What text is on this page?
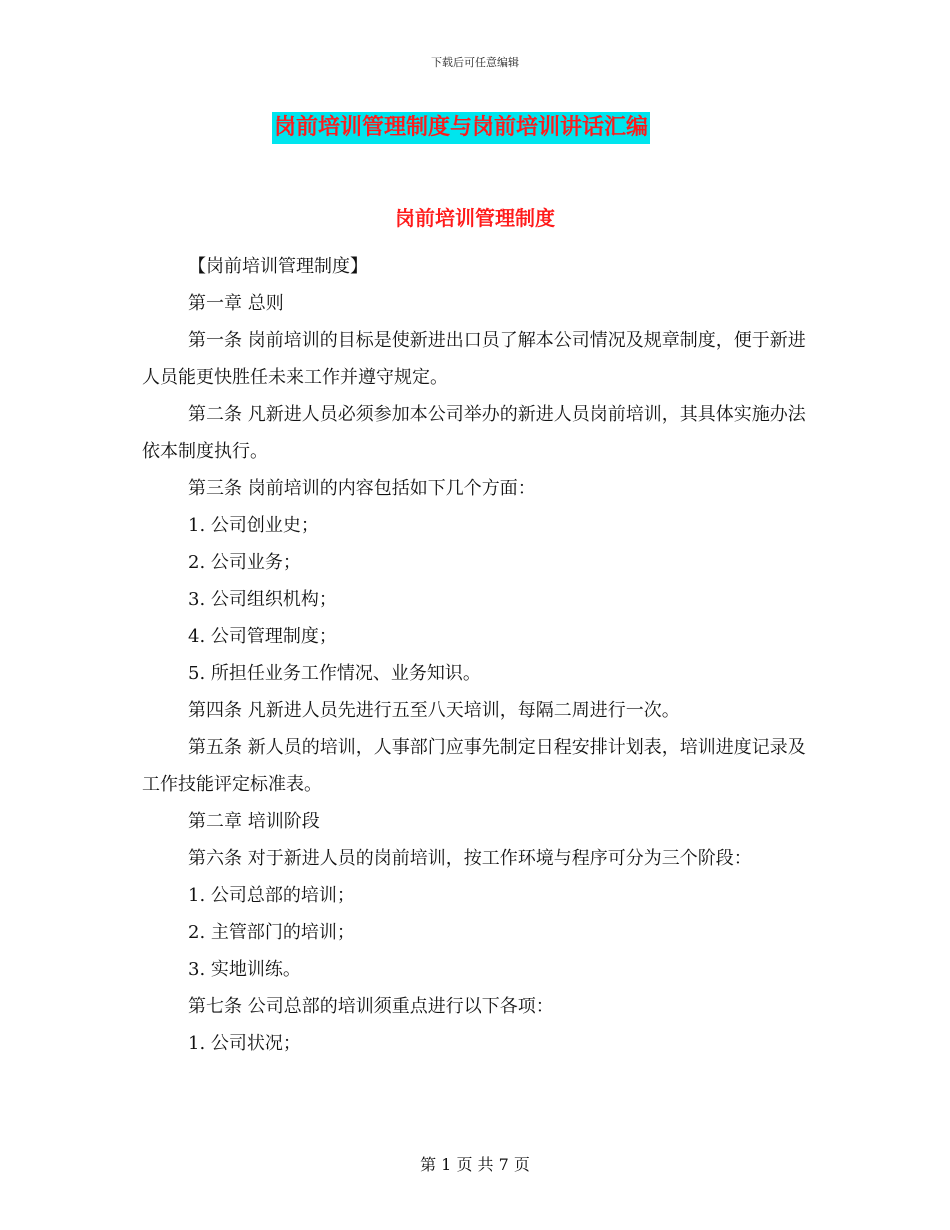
下载后可任意编辑
岗前培训管理制度与岗前培训讲话汇编
岗前培训管理制度

【岗前培训管理制度】

第一章 总则

第一条 岗前培训的目标是使新进出口员了解本公司情况及规章制度，便于新进人员能更快胜任未来工作并遵守规定。

第二条 凡新进人员必须参加本公司举办的新进人员岗前培训，其具体实施办法依本制度执行。

第三条 岗前培训的内容包括如下几个方面：

1. 公司创业史；

2. 公司业务；

3. 公司组织机构；

4. 公司管理制度；

5. 所担任业务工作情况、业务知识。

第四条 凡新进人员先进行五至八天培训，每隔二周进行一次。

第五条 新人员的培训，人事部门应事先制定日程安排计划表，培训进度记录及工作技能评定标准表。

第二章 培训阶段

第六条 对于新进人员的岗前培训，按工作环境与程序可分为三个阶段：

1. 公司总部的培训；

2. 主管部门的培训；

3. 实地训练。

第七条 公司总部的培训须重点进行以下各项：

1. 公司状况；

第 1 页 共 7 页
